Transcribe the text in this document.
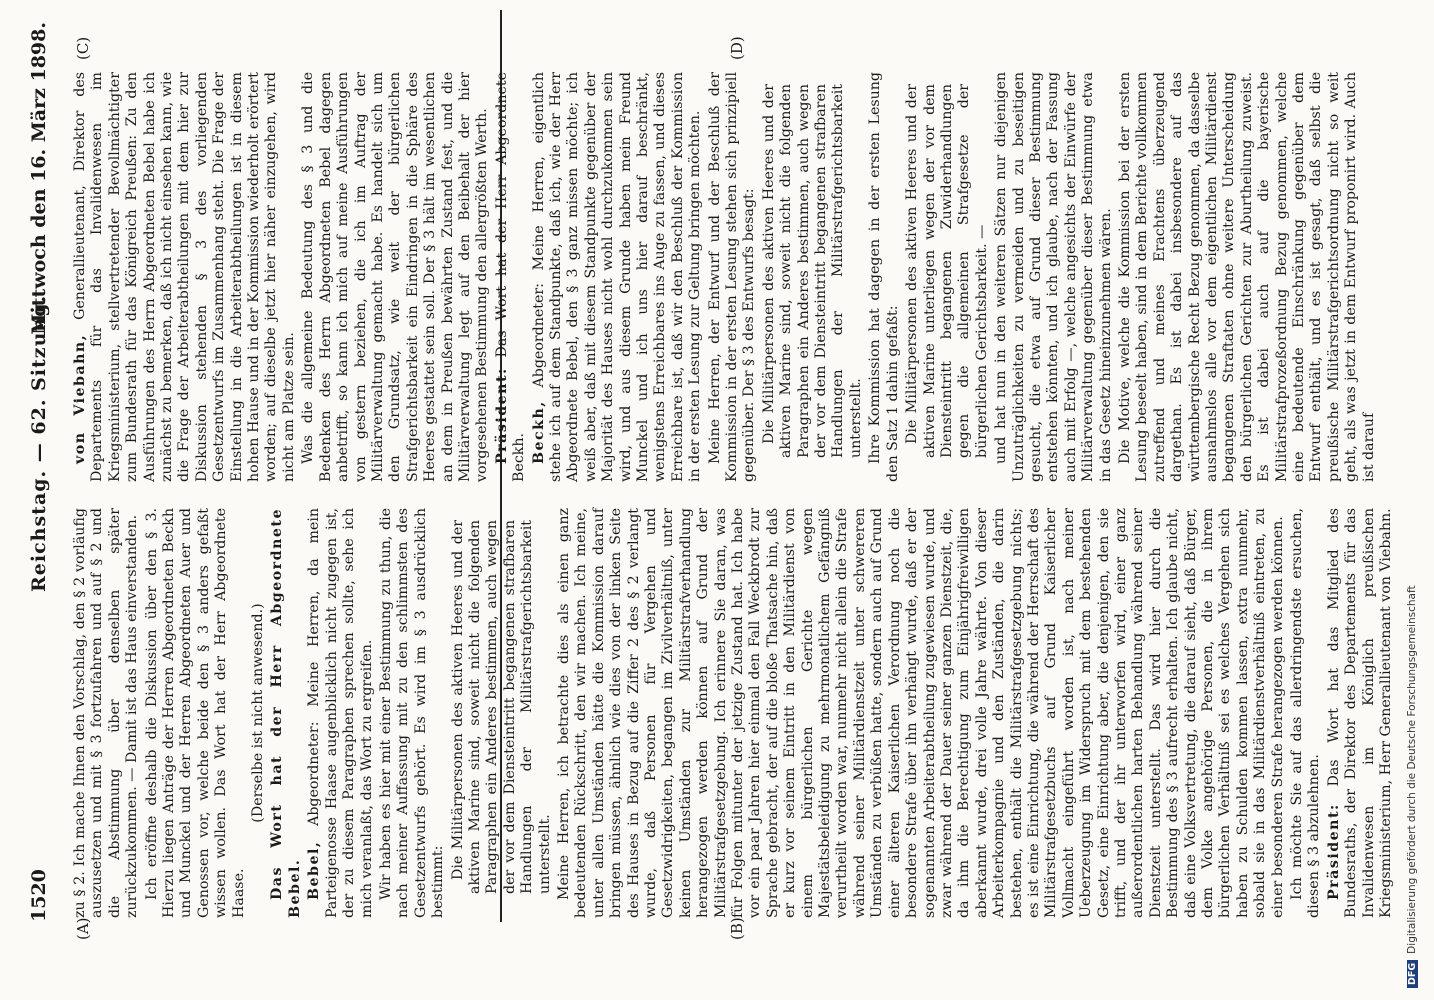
1520
Reichstag. — 62. Sitzung.
Mittwoch den 16. März 1898.
(A)	(B)
(C)	(D)

zu § 2. Ich mache Ihnen den Vorschlag, den § 2 vorläufig auszusetzen und mit § 3 fortzufahren und auf § 2 und die Abstimmung über denselben später zurückzukommen. — Damit ist das Haus einverstanden. Ich eröffne deshalb die Diskussion über den § 3. Hierzu liegen Anträge der Herren Abgeordneten Beckh und Munckel und der Herren Abgeordneten Auer und Genossen vor, welche beide den § 3 anders gefaßt wissen wollen. Das Wort hat der Herr Abgeordnete Haase.

(Derselbe ist nicht anwesend.) Das Wort hat der Herr Abgeordnete Bebel. Bebel, Abgeordneter: Meine Herren, da mein Parteigenosse Haase augenblicklich nicht zugegen ist, der zu diesem Paragraphen sprechen sollte, sehe ich mich veranlaßt, das Wort zu ergreifen. Wir haben es hier mit einer Bestimmung zu thun, die nach meiner Auffassung mit zu den schlimmsten des Gesetzentwurfs gehört. Es wird im § 3 ausdrücklich bestimmt:

Die Militärpersonen des aktiven Heeres und der aktiven Marine sind, soweit nicht die folgenden Paragraphen ein Anderes bestimmen, auch wegen der vor dem Diensteintritt begangenen strafbaren Handlungen der Militärstrafgerichtsbarkeit unterstellt. Meine Herren, ich betrachte dies als einen ganz bedeutenden Rückschritt, den wir machen. Ich meine, unter allen Umständen hätte die Kommission darauf bringen müssen, ähnlich wie dies von der linken Seite des Hauses in Bezug auf die Ziffer 2 des § 2 verlangt wurde, daß Personen für Vergehen und Gesetzwidrigkeiten, begangen im Zivilverhältniß, unter keinen Umständen zur Militärstrafverhandlung herangezogen werden können auf Grund der Militärstrafgesetzgebung. Ich erinnere Sie daran, was für Folgen mitunter der jetzige Zustand hat. Ich habe vor ein paar Jahren hier einmal den Fall Weckbrodt zur Sprache gebracht, der auf die bloße Thatsache hin, daß er kurz vor seinem Eintritt in den Militärdienst von einem bürgerlichen Gerichte wegen Majestätsbeleidigung zu mehrmonatlichem Gefängniß verurtheilt worden war, nunmehr nicht allein die Strafe während seiner Militärdienstzeit unter schwereren Umständen zu verbüßen hatte, sondern auch auf Grund einer älteren Kaiserlichen Verordnung noch die besondere Strafe über ihn verhängt wurde, daß er der sogenannten Arbeiterabtheilung zugewiesen wurde, und zwar während der Dauer seiner ganzen Dienstzeit, die, da ihm die Berechtigung zum Einjährigfreiwilligen aberkannt wurde, drei volle Jahre währte. Von dieser Arbeiterkompagnie und den Zuständen, die darin bestehen, enthält die Militärstrafgesetzgebung nichts; es ist eine Einrichtung, die während der Herrschaft des Militärstrafgesetzbuchs auf Grund Kaiserlicher Vollmacht eingeführt worden ist, nach meiner Ueberzeugung im Widerspruch mit dem bestehenden Gesetz, eine Einrichtung aber, die denjenigen, den sie trifft, und der ihr unterworfen wird, einer ganz außerordentlichen harten Behandlung während seiner Dienstzeit unterstellt. Das wird hier durch die Bestimmung des § 3 aufrecht erhalten. Ich glaube nicht, daß eine Volksvertretung, die darauf sieht, daß Bürger, dem Volke angehörige Personen, die in ihrem bürgerlichen Verhältniß sei es welches Vergehen sich haben zu Schulden kommen lassen, extra nunmehr, sobald sie in das Militärdienstverhältniß eintreten, zu einer besonderen Strafe herangezogen werden können. Ich möchte Sie auf das allerdringendste ersuchen, diesen § 3 abzulehnen. Präsident: Das Wort hat das Mitglied des Bundesraths, der Direktor des Departements für das Invalidenwesen im Königlich preußischen Kriegsministerium, Herr Generallieutenant von Viebahn.

von Viebahn, Generallieutenant, Direktor des Departements für das Invalidenwesen im Kriegsministerium, stellvertretender Bevollmächtigter zum Bundesrath für das Königreich Preußen: Zu den Ausführungen des Herrn Abgeordneten Bebel habe ich zunächst zu bemerken, daß ich nicht einsehen kann, wie die Frage der Arbeiterabtheilungen mit dem hier zur Diskussion stehenden § 3 des vorliegenden Gesetzentwurfs im Zusammenhang steht. Die Frage der Einstellung in die Arbeiterabtheilungen ist in diesem hohen Hause und in der Kommission wiederholt erörtert worden; auf dieselbe jetzt hier näher einzugehen, wird nicht am Platze sein. Was die allgemeine Bedeutung des § 3 und die Bedenken des Herrn Abgeordneten Bebel dagegen anbetrifft, so kann ich mich auf meine Ausführungen von gestern beziehen, die ich im Auftrag der Militärverwaltung gemacht habe. Es handelt sich um den Grundsatz, wie weit der bürgerlichen Strafgerichtsbarkeit ein Eindringen in die Sphäre des Heeres gestattet sein soll. Der § 3 hält im wesentlichen an dem in Preußen bewährten Zustand fest, und die Militärverwaltung legt auf den Beibehalt der hier vorgesehenen Bestimmung den allergrößten Werth. Präsident: Das Wort hat der Herr Abgeordnete Beckh. Beckh, Abgeordneter: Meine Herren, eigentlich stehe ich auf dem Standpunkte, daß ich, wie der Herr Abgeordnete Bebel, den § 3 ganz missen möchte; ich weiß aber, daß mit diesem Standpunkte gegenüber der Majorität des Hauses nicht wohl durchzukommen sein wird, und aus diesem Grunde haben mein Freund Munckel und ich uns hier darauf beschränkt, wenigstens Erreichbares ins Auge zu fassen, und dieses Erreichbare ist, daß wir den Beschluß der Kommission in der ersten Lesung zur Geltung bringen möchten. Meine Herren, der Entwurf und der Beschluß der Kommission in der ersten Lesung stehen sich prinzipiell gegenüber. Der § 3 des Entwurfs besagt: Die Militärpersonen des aktiven Heeres und der aktiven Marine sind, soweit nicht die folgenden Paragraphen ein Anderes bestimmen, auch wegen der vor dem Diensteintritt begangenen strafbaren Handlungen der Militärstrafgerichtsbarkeit unterstellt. Ihre Kommission hat dagegen in der ersten Lesung den Satz 1 dahin gefaßt: Die Militärpersonen des aktiven Heeres und der aktiven Marine unterliegen wegen der vor dem Diensteintritt begangenen Zuwiderhandlungen gegen die allgemeinen Strafgesetze der bürgerlichen Gerichtsbarkeit. — und hat nun in den weiteren Sätzen nur diejenigen Unzuträglichkeiten zu vermeiden und zu beseitigen gesucht, die etwa auf Grund dieser Bestimmung entstehen könnten, und ich glaube, nach der Fassung auch mit Erfolg —, welche angesichts der Einwürfe der Militärverwaltung gegenüber dieser Bestimmung etwa in das Gesetz hineinzunehmen wären. Die Motive, welche die Kommission bei der ersten Lesung beseelt haben, sind in dem Berichte vollkommen zutreffend und meines Erachtens überzeugend dargethan. Es ist dabei insbesondere auf das württembergische Recht Bezug genommen, da dasselbe ausnahmslos alle vor dem eigentlichen Militärdienst begangenen Straftaten ohne weitere Unterscheidung den bürgerlichen Gerichten zur Aburtheilung zuweist. Es ist dabei auch auf die bayerische Militärstrafprozeßordnung Bezug genommen, welche eine bedeutende Einschränkung gegenüber dem Entwurf enthält, und es ist gesagt, daß selbst die preußische Militärstrafgerichtsordnung nicht so weit geht, als was jetzt in dem Entwurf proponirt wird. Auch ist darauf

DFGDigitalisierung gefördert durch die Deutsche Forschungsgemeinschaft
